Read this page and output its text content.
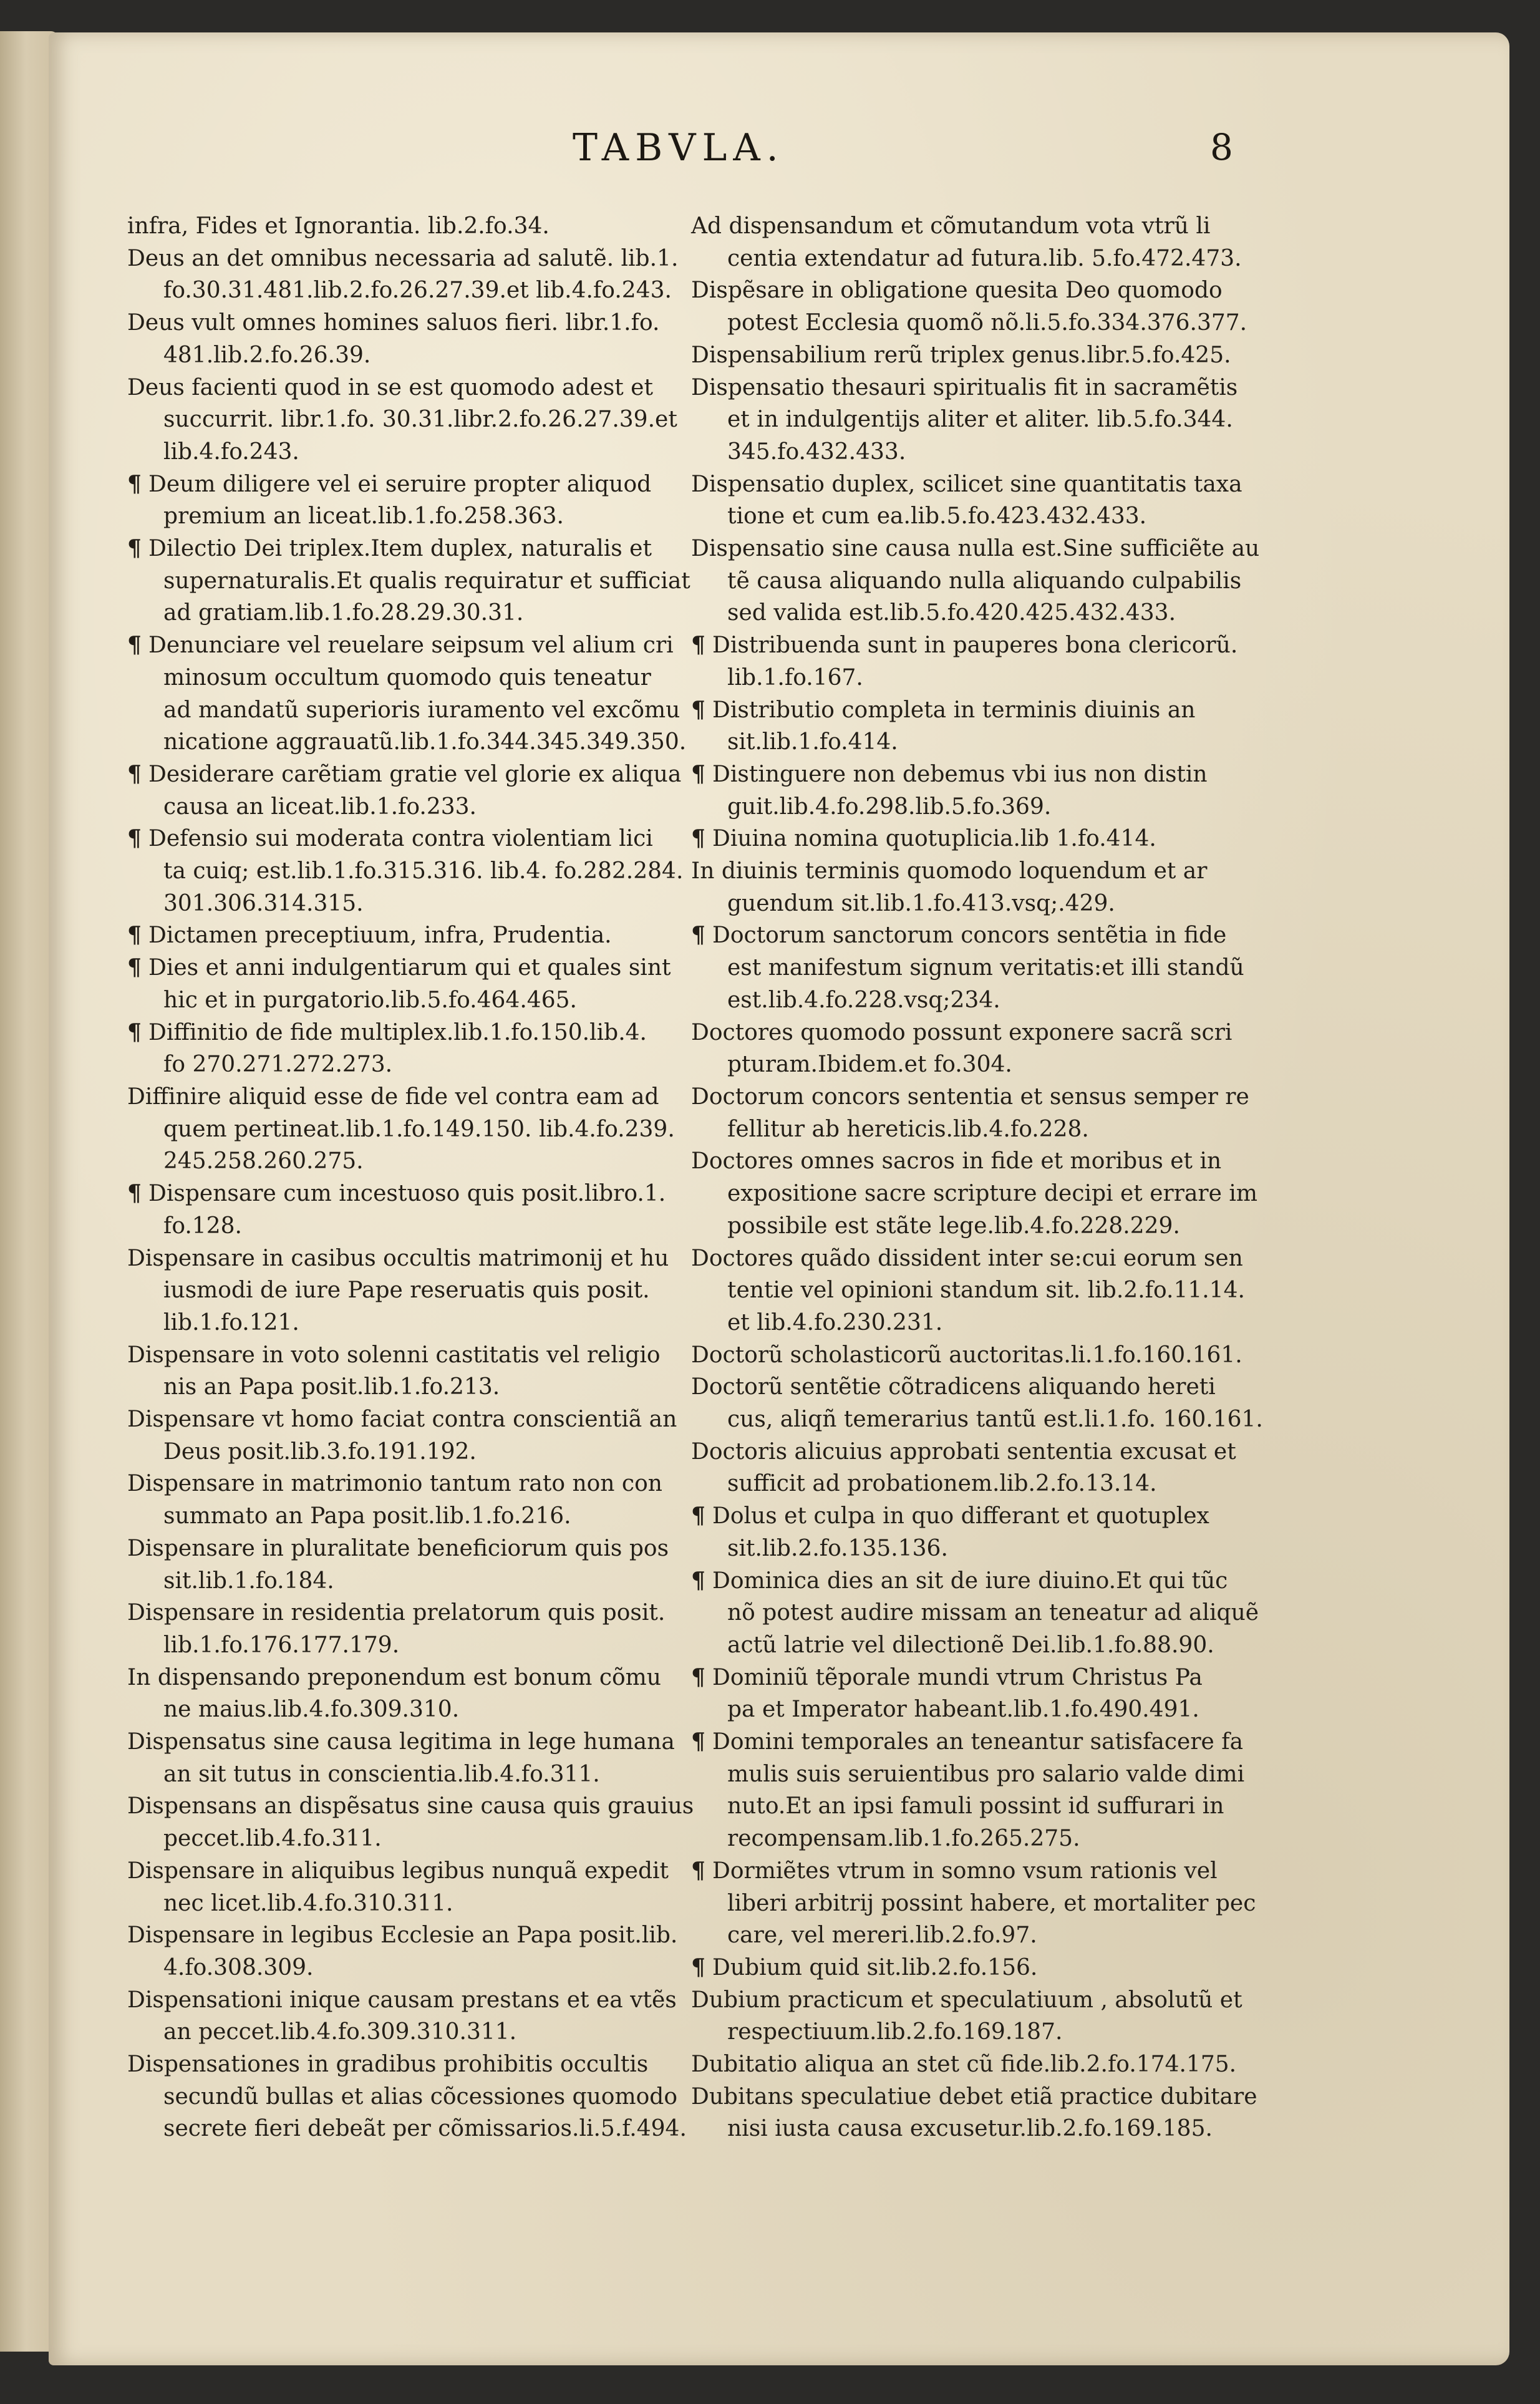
TABVLA.	8
infra, Fides et Ignorantia. lib.2.fo.34.
Deus an det omnibus necessaria ad salutẽ. lib.1.
fo.30.31.481.lib.2.fo.26.27.39.et lib.4.fo.243.
Deus vult omnes homines saluos fieri. libr.1.fo.
481.lib.2.fo.26.39.
Deus facienti quod in se est quomodo adest et
succurrit. libr.1.fo. 30.31.libr.2.fo.26.27.39.et
lib.4.fo.243.
¶ Deum diligere vel ei seruire propter aliquod
premium an liceat.lib.1.fo.258.363.
¶ Dilectio Dei triplex.Item duplex, naturalis et
supernaturalis.Et qualis requiratur et sufficiat
ad gratiam.lib.1.fo.28.29.30.31.
¶ Denunciare vel reuelare seipsum vel alium cri
minosum occultum quomodo quis teneatur
ad mandatũ superioris iuramento vel excõmu
nicatione aggrauatũ.lib.1.fo.344.345.349.350.
¶ Desiderare carẽtiam gratie vel glorie ex aliqua
causa an liceat.lib.1.fo.233.
¶ Defensio sui moderata contra violentiam lici
ta cuiq; est.lib.1.fo.315.316. lib.4. fo.282.284.
301.306.314.315.
¶ Dictamen preceptiuum, infra, Prudentia.
¶ Dies et anni indulgentiarum qui et quales sint
hic et in purgatorio.lib.5.fo.464.465.
¶ Diffinitio de fide multiplex.lib.1.fo.150.lib.4.
fo 270.271.272.273.
Diffinire aliquid esse de fide vel contra eam ad
quem pertineat.lib.1.fo.149.150. lib.4.fo.239.
245.258.260.275.
¶ Dispensare cum incestuoso quis posit.libro.1.
fo.128.
Dispensare in casibus occultis matrimonij et hu
iusmodi de iure Pape reseruatis quis posit.
lib.1.fo.121.
Dispensare in voto solenni castitatis vel religio
nis an Papa posit.lib.1.fo.213.
Dispensare vt homo faciat contra conscientiã an
Deus posit.lib.3.fo.191.192.
Dispensare in matrimonio tantum rato non con
summato an Papa posit.lib.1.fo.216.
Dispensare in pluralitate beneficiorum quis pos
sit.lib.1.fo.184.
Dispensare in residentia prelatorum quis posit.
lib.1.fo.176.177.179.
In dispensando preponendum est bonum cõmu
ne maius.lib.4.fo.309.310.
Dispensatus sine causa legitima in lege humana
an sit tutus in conscientia.lib.4.fo.311.
Dispensans an dispẽsatus sine causa quis grauius
peccet.lib.4.fo.311.
Dispensare in aliquibus legibus nunquã expedit
nec licet.lib.4.fo.310.311.
Dispensare in legibus Ecclesie an Papa posit.lib.
4.fo.308.309.
Dispensationi inique causam prestans et ea vtẽs
an peccet.lib.4.fo.309.310.311.
Dispensationes in gradibus prohibitis occultis
secundũ bullas et alias cõcessiones quomodo
secrete fieri debeãt per cõmissarios.li.5.f.494.
Ad dispensandum et cõmutandum vota vtrũ li
centia extendatur ad futura.lib. 5.fo.472.473.
Dispẽsare in obligatione quesita Deo quomodo
potest Ecclesia quomõ nõ.li.5.fo.334.376.377.
Dispensabilium rerũ triplex genus.libr.5.fo.425.
Dispensatio thesauri spiritualis fit in sacramẽtis
et in indulgentijs aliter et aliter. lib.5.fo.344.
345.fo.432.433.
Dispensatio duplex, scilicet sine quantitatis taxa
tione et cum ea.lib.5.fo.423.432.433.
Dispensatio sine causa nulla est.Sine sufficiẽte au
tẽ causa aliquando nulla aliquando culpabilis
sed valida est.lib.5.fo.420.425.432.433.
¶ Distribuenda sunt in pauperes bona clericorũ.
lib.1.fo.167.
¶ Distributio completa in terminis diuinis an
sit.lib.1.fo.414.
¶ Distinguere non debemus vbi ius non distin
guit.lib.4.fo.298.lib.5.fo.369.
¶ Diuina nomina quotuplicia.lib 1.fo.414.
In diuinis terminis quomodo loquendum et ar
guendum sit.lib.1.fo.413.vsq;.429.
¶ Doctorum sanctorum concors sentẽtia in fide
est manifestum signum veritatis:et illi standũ
est.lib.4.fo.228.vsq;234.
Doctores quomodo possunt exponere sacrã scri
pturam.Ibidem.et fo.304.
Doctorum concors sententia et sensus semper re
fellitur ab hereticis.lib.4.fo.228.
Doctores omnes sacros in fide et moribus et in
expositione sacre scripture decipi et errare im
possibile est stãte lege.lib.4.fo.228.229.
Doctores quãdo dissident inter se:cui eorum sen
tentie vel opinioni standum sit. lib.2.fo.11.14.
et lib.4.fo.230.231.
Doctorũ scholasticorũ auctoritas.li.1.fo.160.161.
Doctorũ sentẽtie cõtradicens aliquando hereti
cus, aliqñ temerarius tantũ est.li.1.fo. 160.161.
Doctoris alicuius approbati sententia excusat et
sufficit ad probationem.lib.2.fo.13.14.
¶ Dolus et culpa in quo differant et quotuplex
sit.lib.2.fo.135.136.
¶ Dominica dies an sit de iure diuino.Et qui tũc
nõ potest audire missam an teneatur ad aliquẽ
actũ latrie vel dilectionẽ Dei.lib.1.fo.88.90.
¶ Dominiũ tẽporale mundi vtrum Christus Pa
pa et Imperator habeant.lib.1.fo.490.491.
¶ Domini temporales an teneantur satisfacere fa
mulis suis seruientibus pro salario valde dimi
nuto.Et an ipsi famuli possint id suffurari in
recompensam.lib.1.fo.265.275.
¶ Dormiẽtes vtrum in somno vsum rationis vel
liberi arbitrij possint habere, et mortaliter pec
care, vel mereri.lib.2.fo.97.
¶ Dubium quid sit.lib.2.fo.156.
Dubium practicum et speculatiuum , absolutũ et
respectiuum.lib.2.fo.169.187.
Dubitatio aliqua an stet cũ fide.lib.2.fo.174.175.
Dubitans speculatiue debet etiã practice dubitare
nisi iusta causa excusetur.lib.2.fo.169.185.
